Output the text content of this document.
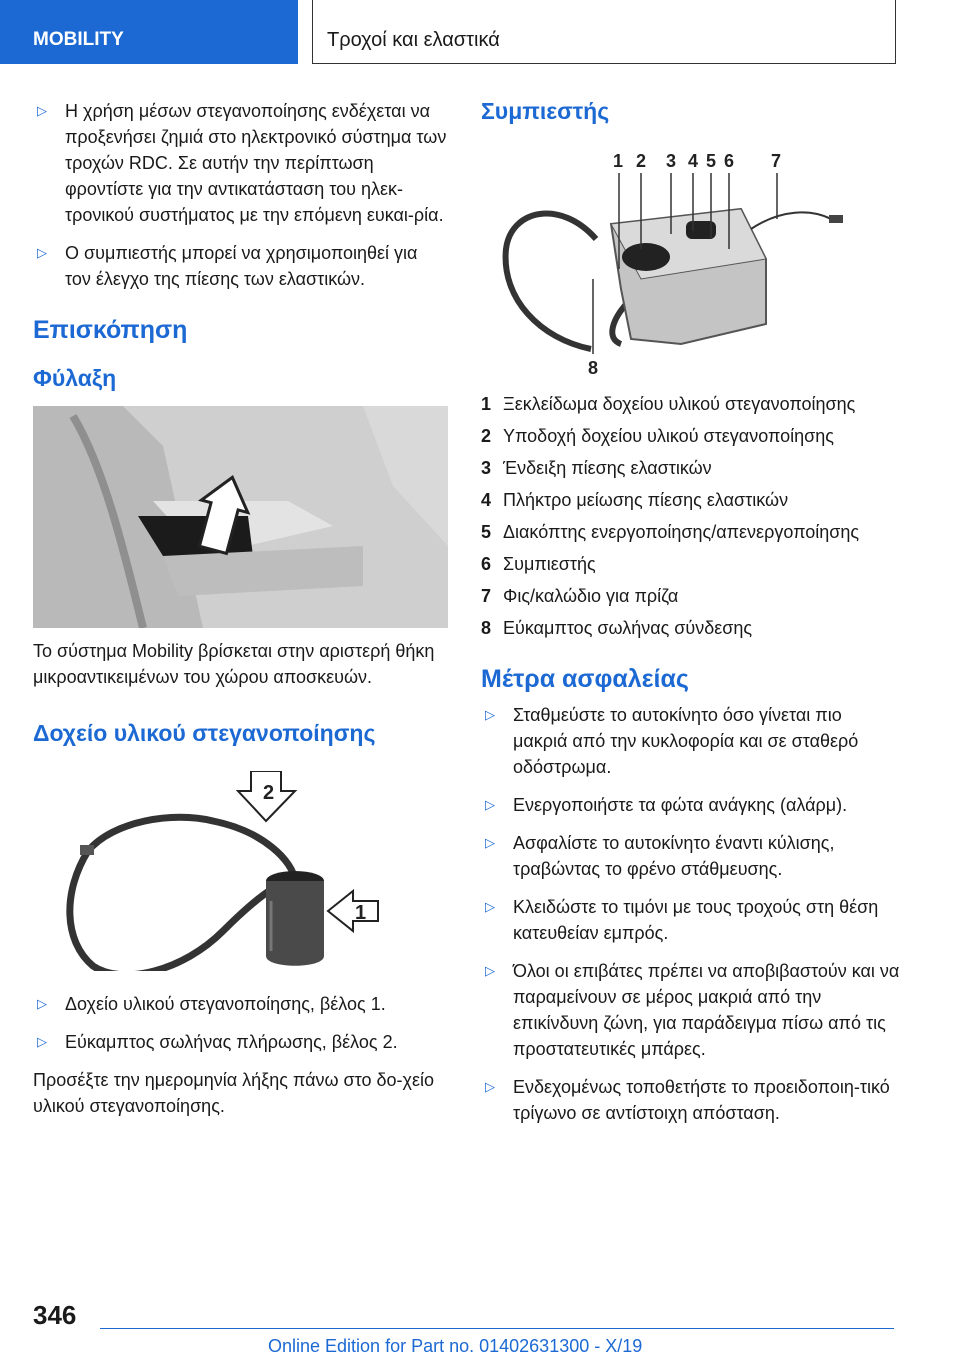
MOBILITY	Τροχοί και ελαστικά
▷ Η χρήση μέσων στεγανοποίησης ενδέχεται να προξενήσει ζημιά στο ηλεκτρονικό σύστημα των τροχών RDC. Σε αυτήν την περίπτωση φροντίστε για την αντικατάσταση του ηλεκ‐τρονικού συστήματος με την επόμενη ευκαι‐ρία.
▷ Ο συμπιεστής μπορεί να χρησιμοποιηθεί για τον έλεγχο της πίεσης των ελαστικών.
Επισκόπηση
Φύλαξη

Το σύστημα Mobility βρίσκεται στην αριστερή θήκη μικροαντικειμένων του χώρου αποσκευών.

Δοχείο υλικού στεγανοποίησης
2
1
▷ Δοχείο υλικού στεγανοποίησης, βέλος 1.
▷ Εύκαμπτος σωλήνας πλήρωσης, βέλος 2.

Προσέξτε την ημερομηνία λήξης πάνω στο δο‐χείο υλικού στεγανοποίησης.

Συμπιεστής
1 2 3 4 5 6 7
8
1 Ξεκλείδωμα δοχείου υλικού στεγανοποίησης
2 Υποδοχή δοχείου υλικού στεγανοποίησης
3 Ένδειξη πίεσης ελαστικών
4 Πλήκτρο μείωσης πίεσης ελαστικών
5 Διακόπτης ενεργοποίησης/απενεργοποίησης
6 Συμπιεστής
7 Φις/καλώδιο για πρίζα
8 Εύκαμπτος σωλήνας σύνδεσης
Μέτρα ασφαλείας
▷ Σταθμεύστε το αυτοκίνητο όσο γίνεται πιο μακριά από την κυκλοφορία και σε σταθερό οδόστρωμα.
▷ Ενεργοποιήστε τα φώτα ανάγκης (αλάρμ).
▷ Ασφαλίστε το αυτοκίνητο έναντι κύλισης, τραβώντας το φρένο στάθμευσης.
▷ Κλειδώστε το τιμόνι με τους τροχούς στη θέση κατευθείαν εμπρός.
▷ Όλοι οι επιβάτες πρέπει να αποβιβαστούν και να παραμείνουν σε μέρος μακριά από την επικίνδυνη ζώνη, για παράδειγμα πίσω από τις προστατευτικές μπάρες.
▷ Ενδεχομένως τοποθετήστε το προειδοποιη‐τικό τρίγωνο σε αντίστοιχη απόσταση.
346
Online Edition for Part no. 01402631300 - X/19
